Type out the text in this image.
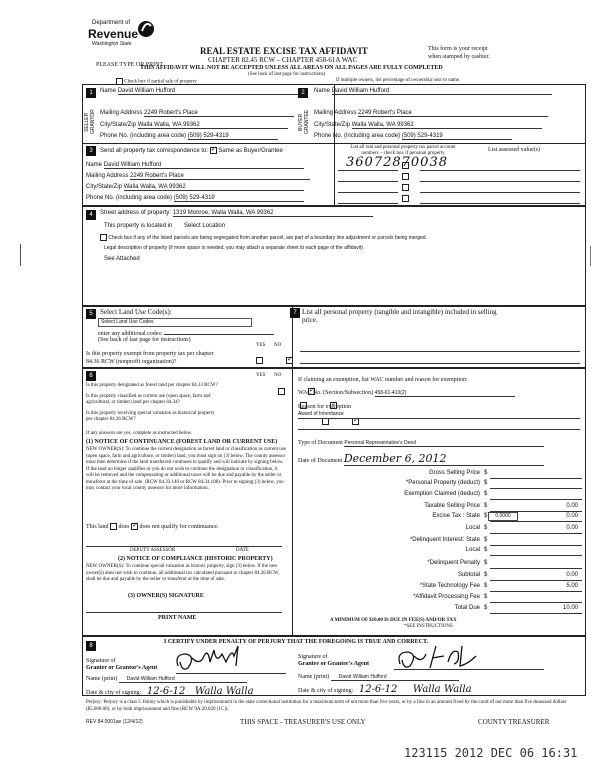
Department of
Revenue
Washington State
PLEASE TYPE OR PRINT
REAL ESTATE EXCISE TAX AFFIDAVIT
CHAPTER 82.45 RCW – CHAPTER 458-61A WAC
THIS AFFIDAVIT WILL NOT BE ACCEPTED UNLESS ALL AREAS ON ALL PAGES ARE FULLY COMPLETED
(See back of last page for instructions)
This form is your receipt
when stamped by cashier.
Check box if partial sale of property	If multiple owners, list percentage of ownership next to name.
1
SELLER GRANTOR
Name David William Hufford
Mailing Address 2249 Robert's Place
City/State/Zip Walla Walla, WA 99362
Phone No. (including area code) (509) 529-4319
2
BUYER GRANTEE
Name David William Hufford
Mailing Address 2249 Robert's Place
City/State/Zip Walla Walla, WA 99362
Phone No. (including area code) (509) 529-4319
3	Send all property tax correspondence to: ✓ Same as Buyer/Grantee
Name David William Hufford
Mailing Address 2249 Robert's Place
City/State/Zip Walla Walla, WA 99362
Phone No. (including area code) (509) 529-4319
List all real and personal property tax parcel account
numbers – check box if personal property
List assessed value(s)
36072870038
4	Street address of property: 1319 Monroe, Walla Walla, WA 99362
This property is located in Select Location
Check box if any of the listed parcels are being segregated from another parcel, are part of a boundary line adjustment or parcels being merged.
Legal description of property (if more space is needed, you may attach a separate sheet to each page of the affidavit)
See Attached
5	Select Land Use Code(s):
Select Land Use Codes
enter any additional codes:
(See back of last page for instructions)
YES NO
Is this property exempt from property tax per chapter
84.36 RCW (nonprofit organization)?
✓
7 List all personal property (tangible and intangible) included in selling price.
6	YES NO
Is this property designated as forest land per chapter 84.33 RCW?
✓
Is this property classified as current use (open space, farm and
agricultural, or timber) land per chapter 84.34?
✓
Is this property receiving special valuation as historical property
per chapter 84.26 RCW?
✓
If any answers are yes, complete as instructed below.
(1) NOTICE OF CONTINUANCE (FOREST LAND OR CURRENT USE)
NEW OWNER(S): To continue the current designation as forest land or classification as current use (open space, farm and agriculture, or timber) land, you must sign on (3) below. The county assessor must then determine if the land transferred continues to qualify and will indicate by signing below. If the land no longer qualifies or you do not wish to continue the designation or classification, it will be removed and the compensating or additional taxes will be due and payable by the seller or transferor at the time of sale. (RCW 84.33.140 or RCW 84.34.108). Prior to signing (3) below, you may contact your local county assessor for more information.
This land does ✓ does not qualify for continuance.
DEPUTY ASSESSOR	DATE
(2) NOTICE OF COMPLIANCE (HISTORIC PROPERTY)
NEW OWNER(S): To continue special valuation as historic property, sign (3) below. If the new owner(s) does not wish to continue, all additional tax calculated pursuant to chapter 84.26 RCW, shall be due and payable by the seller or transferor at the time of sale.
(3) OWNER(S) SIGNATURE
PRINT NAME
If claiming an exemption, list WAC number and reason for exemption:
WAC No. (Section/Subsection) 458-61-410(2)
Reason for exemption
Award of Inheritance
Type of Document Personal Representative's Deed
Date of Document December 6, 2012
Gross Selling Price $
*Personal Property (deduct) $
Exemption Claimed (deduct) $
Taxable Selling Price $	0.00
Excise Tax : State $	0.00
Local $	0.00
*Delinquent Interest: State $
Local $
*Delinquent Penalty $
Subtotal $	0.00
*State Technology Fee $	5.00
*Affidavit Processing Fee $
Total Due $	10.00
0.0000
A MINIMUM OF $10.00 IS DUE IN FEE(S) AND/OR TAX
*SEE INSTRUCTIONS
8
I CERTIFY UNDER PENALTY OF PERJURY THAT THE FOREGOING IS TRUE AND CORRECT.
Signature of
Granter or Grantor's Agent
Name (print) David William Hufford
Date & city of signing: 12-6-12 Walla Walla
Signature of
Grantee or Grantee's Agent
Name (print) David William Hufford
Date & city of signing: 12-6-12 Walla Walla
Perjury: Perjury is a class C felony which is punishable by imprisonment in the state correctional institution for a maximum term of not more than five years, or by a fine in an amount fixed by the court of not more than five thousand dollars ($5,000.00), or by both imprisonment and fine (RCW 9A.20.020 (1C)).
REV 84 0001ae (12/4/12)	THIS SPACE - TREASURER'S USE ONLY	COUNTY TREASURER
123115 2012 DEC 06 16:31
